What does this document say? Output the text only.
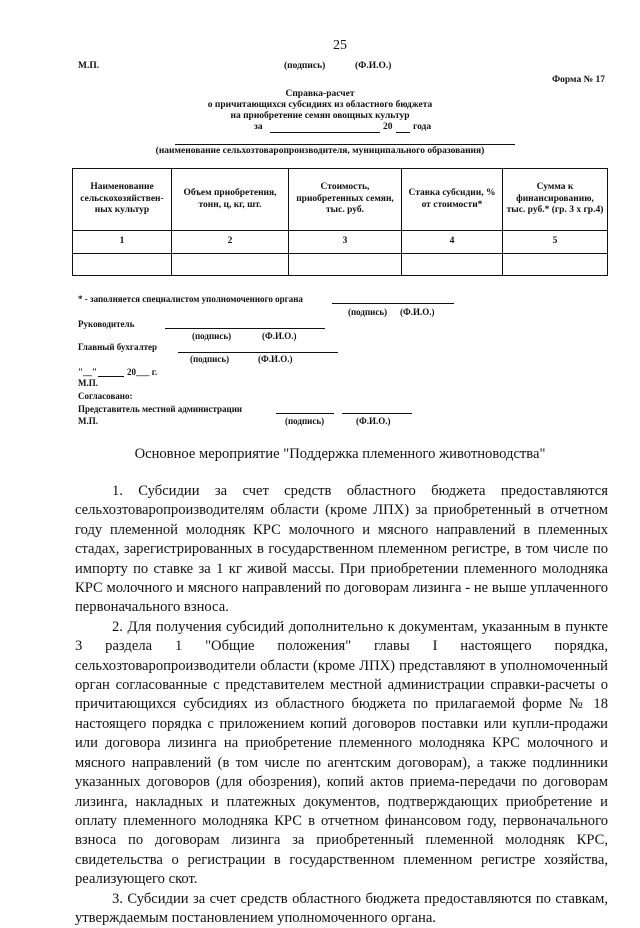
25
М.П.	(подпись)	(Ф.И.О.)
Форма № 17
Справка-расчет
о причитающихся субсидиях из областного бюджета
на приобретение семян овощных культур
за	20 года
(наименование сельхозтоваропроизводителя, муниципального образования)
Наименование сельскохозяйствен-ных культур	Объем приобретения, тонн, ц, кг, шт.	Стоимость, приобретенных семян, тыс. руб.	Ставка субсидии, % от стоимости*	Сумма к финансированию, тыс. руб.* (гр. 3 х гр.4)
1	2	3	4	5

* - заполняется специалистом уполномоченного органа
(подпись) (Ф.И.О.)
Руководитель
(подпись)	(Ф.И.О.)
Главный бухгалтер
(подпись)	(Ф.И.О.)
"__"	20___ г.
М.П.
Согласовано:
Представитель местной администрации
М.П.	(подпись)	(Ф.И.О.)
Основное мероприятие "Поддержка племенного животноводства"

1. Субсидии за счет средств областного бюджета предоставляются сельхозтоваропроизводителям области (кроме ЛПХ) за приобретенный в отчетном году племенной молодняк КРС молочного и мясного направлений в племенных стадах, зарегистрированных в государственном племенном регистре, в том числе по импорту по ставке за 1 кг живой массы. При приобретении племенного молодняка КРС молочного и мясного направлений по договорам лизинга - не выше уплаченного первоначального взноса.

2. Для получения субсидий дополнительно к документам, указанным в пункте 3 раздела 1 "Общие положения" главы I настоящего порядка, сельхозтоваропроизводители области (кроме ЛПХ) представляют в уполномоченный орган согласованные с представителем местной администрации справки-расчеты о причитающихся субсидиях из областного бюджета по прилагаемой форме № 18 настоящего порядка с приложением копий договоров поставки или купли-продажи или договора лизинга на приобретение племенного молодняка КРС молочного и мясного направлений (в том числе по агентским договорам), а также подлинники указанных договоров (для обозрения), копий актов приема-передачи по договорам лизинга, накладных и платежных документов, подтверждающих приобретение и оплату племенного молодняка КРС в отчетном финансовом году, первоначального взноса по договорам лизинга за приобретенный племенной молодняк КРС, свидетельства о регистрации в государственном племенном регистре хозяйства, реализующего скот.

3. Субсидии за счет средств областного бюджета предоставляются по ставкам, утверждаемым постановлением уполномоченного органа.
